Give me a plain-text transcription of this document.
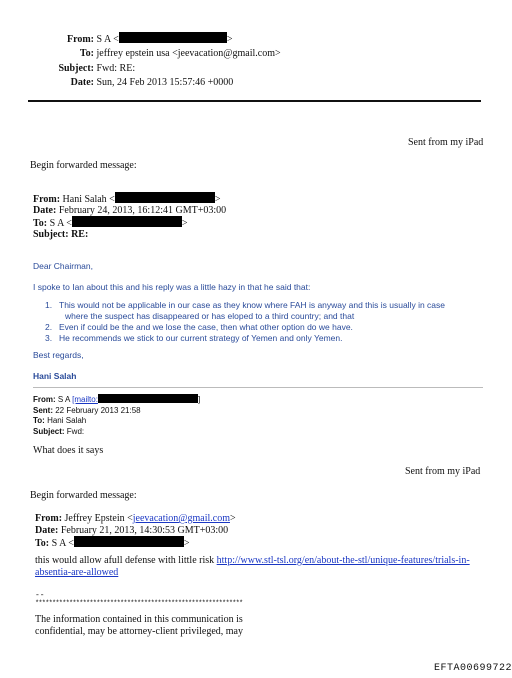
From: S A <	>
To: jeffrey epstein usa <jeevacation@gmail.com>
Subject: Fwd: RE:
Date: Sun, 24 Feb 2013 15:57:46 +0000
Sent from my iPad
Begin forwarded message:
From: Hani Salah <	>
Date: February 24, 2013, 16:12:41 GMT+03:00
To: S A <	>
Subject: RE:
Dear Chairman,
I spoke to Ian about this and his reply was a little hazy in that he said that:
1. This would not be applicable in our case as they know where FAH is anyway and this is usually in case
where the suspect has disappeared or has eloped to a third country; and that
2. Even if could be the and we lose the case, then what other option do we have.
3. He recommends we stick to our current strategy of Yemen and only Yemen.
Best regards,
Hani Salah
From: S A [mailto:	]
Sent: 22 February 2013 21:58
To: Hani Salah
Subject: Fwd:
What does it says
Sent from my iPad
Begin forwarded message:
From: Jeffrey Epstein <jeevacation@gmail.com>
Date: February 21, 2013, 14:30:53 GMT+03:00
To: S A <	>
this would allow afull defense with little risk http://www.stl-tsl.org/en/about-the-stl/unique-features/trials-in-
absentia-are-allowed
--
*************************************************************
The information contained in this communication is
confidential, may be attorney-client privileged, may
EFTA00699722
